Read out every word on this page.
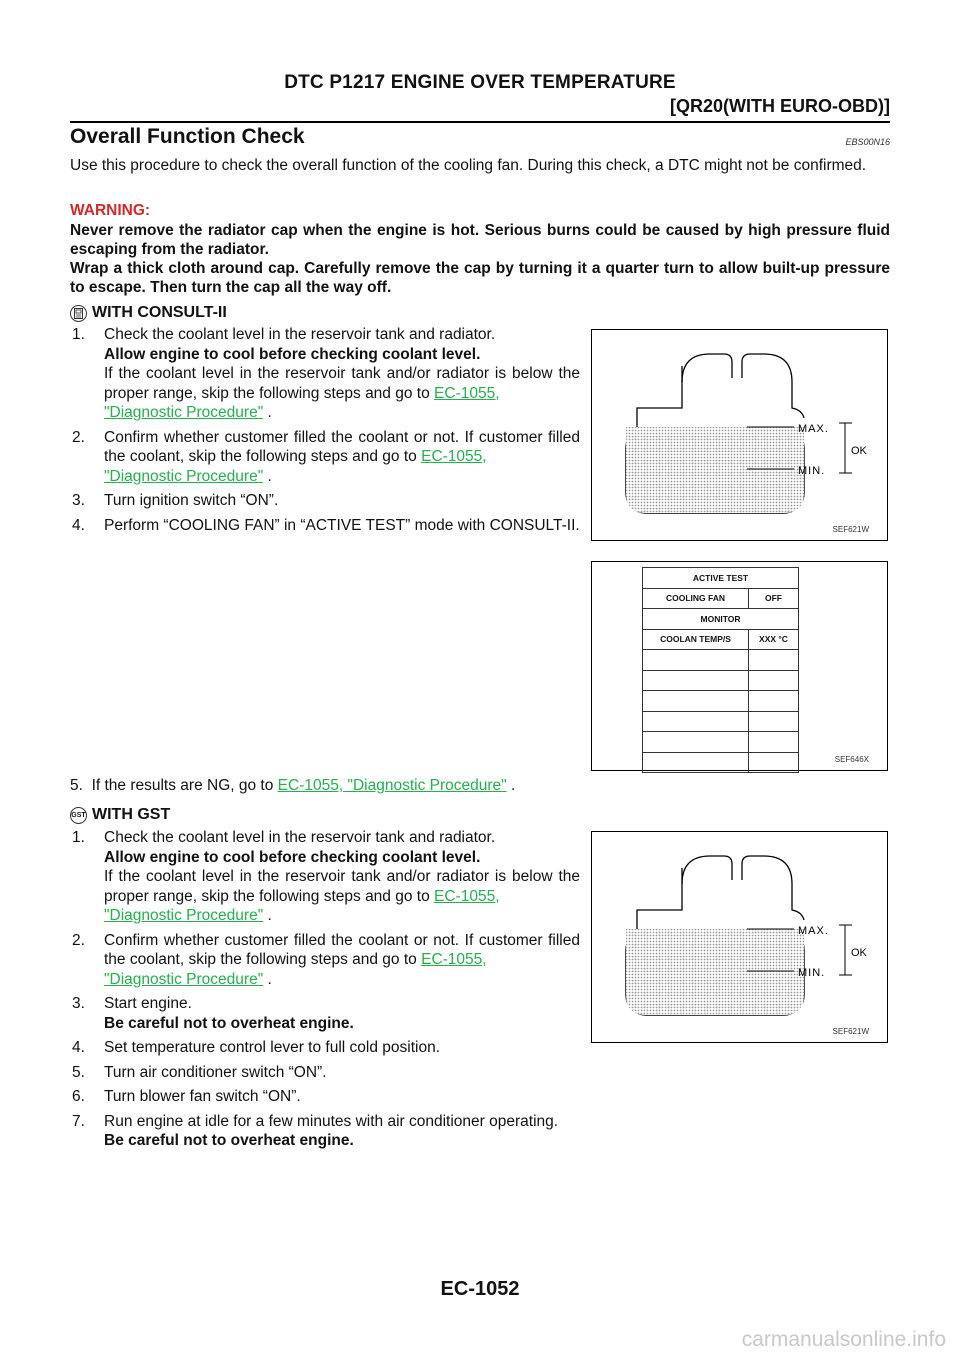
DTC P1217 ENGINE OVER TEMPERATURE
[QR20(WITH EURO-OBD)]
Overall Function Check	EBS00N16
Use this procedure to check the overall function of the cooling fan. During this check, a DTC might not be confirmed.
WARNING:
Never remove the radiator cap when the engine is hot. Serious burns could be caused by high pressure fluid escaping from the radiator.
Wrap a thick cloth around cap. Carefully remove the cap by turning it a quarter turn to allow built-up pressure to escape. Then turn the cap all the way off.
WITH CONSULT-II
1.	Check the coolant level in the reservoir tank and radiator.
Allow engine to cool before checking coolant level.
If the coolant level in the reservoir tank and/or radiator is below the proper range, skip the following steps and go to EC-1055,
"Diagnostic Procedure" .
2.	Confirm whether customer filled the coolant or not. If customer filled the coolant, skip the following steps and go to EC-1055,
"Diagnostic Procedure" .
3.	Turn ignition switch “ON”.
4.	Perform “COOLING FAN” in “ACTIVE TEST” mode with CONSULT-II.
5. If the results are NG, go to EC-1055, "Diagnostic Procedure" .
GST WITH GST
1.	Check the coolant level in the reservoir tank and radiator.
Allow engine to cool before checking coolant level.
If the coolant level in the reservoir tank and/or radiator is below the proper range, skip the following steps and go to EC-1055,
"Diagnostic Procedure" .
2.	Confirm whether customer filled the coolant or not. If customer filled the coolant, skip the following steps and go to EC-1055,
"Diagnostic Procedure" .
3.	Start engine.
Be careful not to overheat engine.
4.	Set temperature control lever to full cold position.
5.	Turn air conditioner switch “ON”.
6.	Turn blower fan switch “ON”.
7.	Run engine at idle for a few minutes with air conditioner operating.
Be careful not to overheat engine.
MAX.
MIN.
OK
SEF621W
ACTIVE TEST	
COOLING FAN	OFF
MONITOR	
COOLAN TEMP/S	XXX °C

SEF646X
MAX.
MIN.
OK
SEF621W
EC-1052
carmanualsonline.info
